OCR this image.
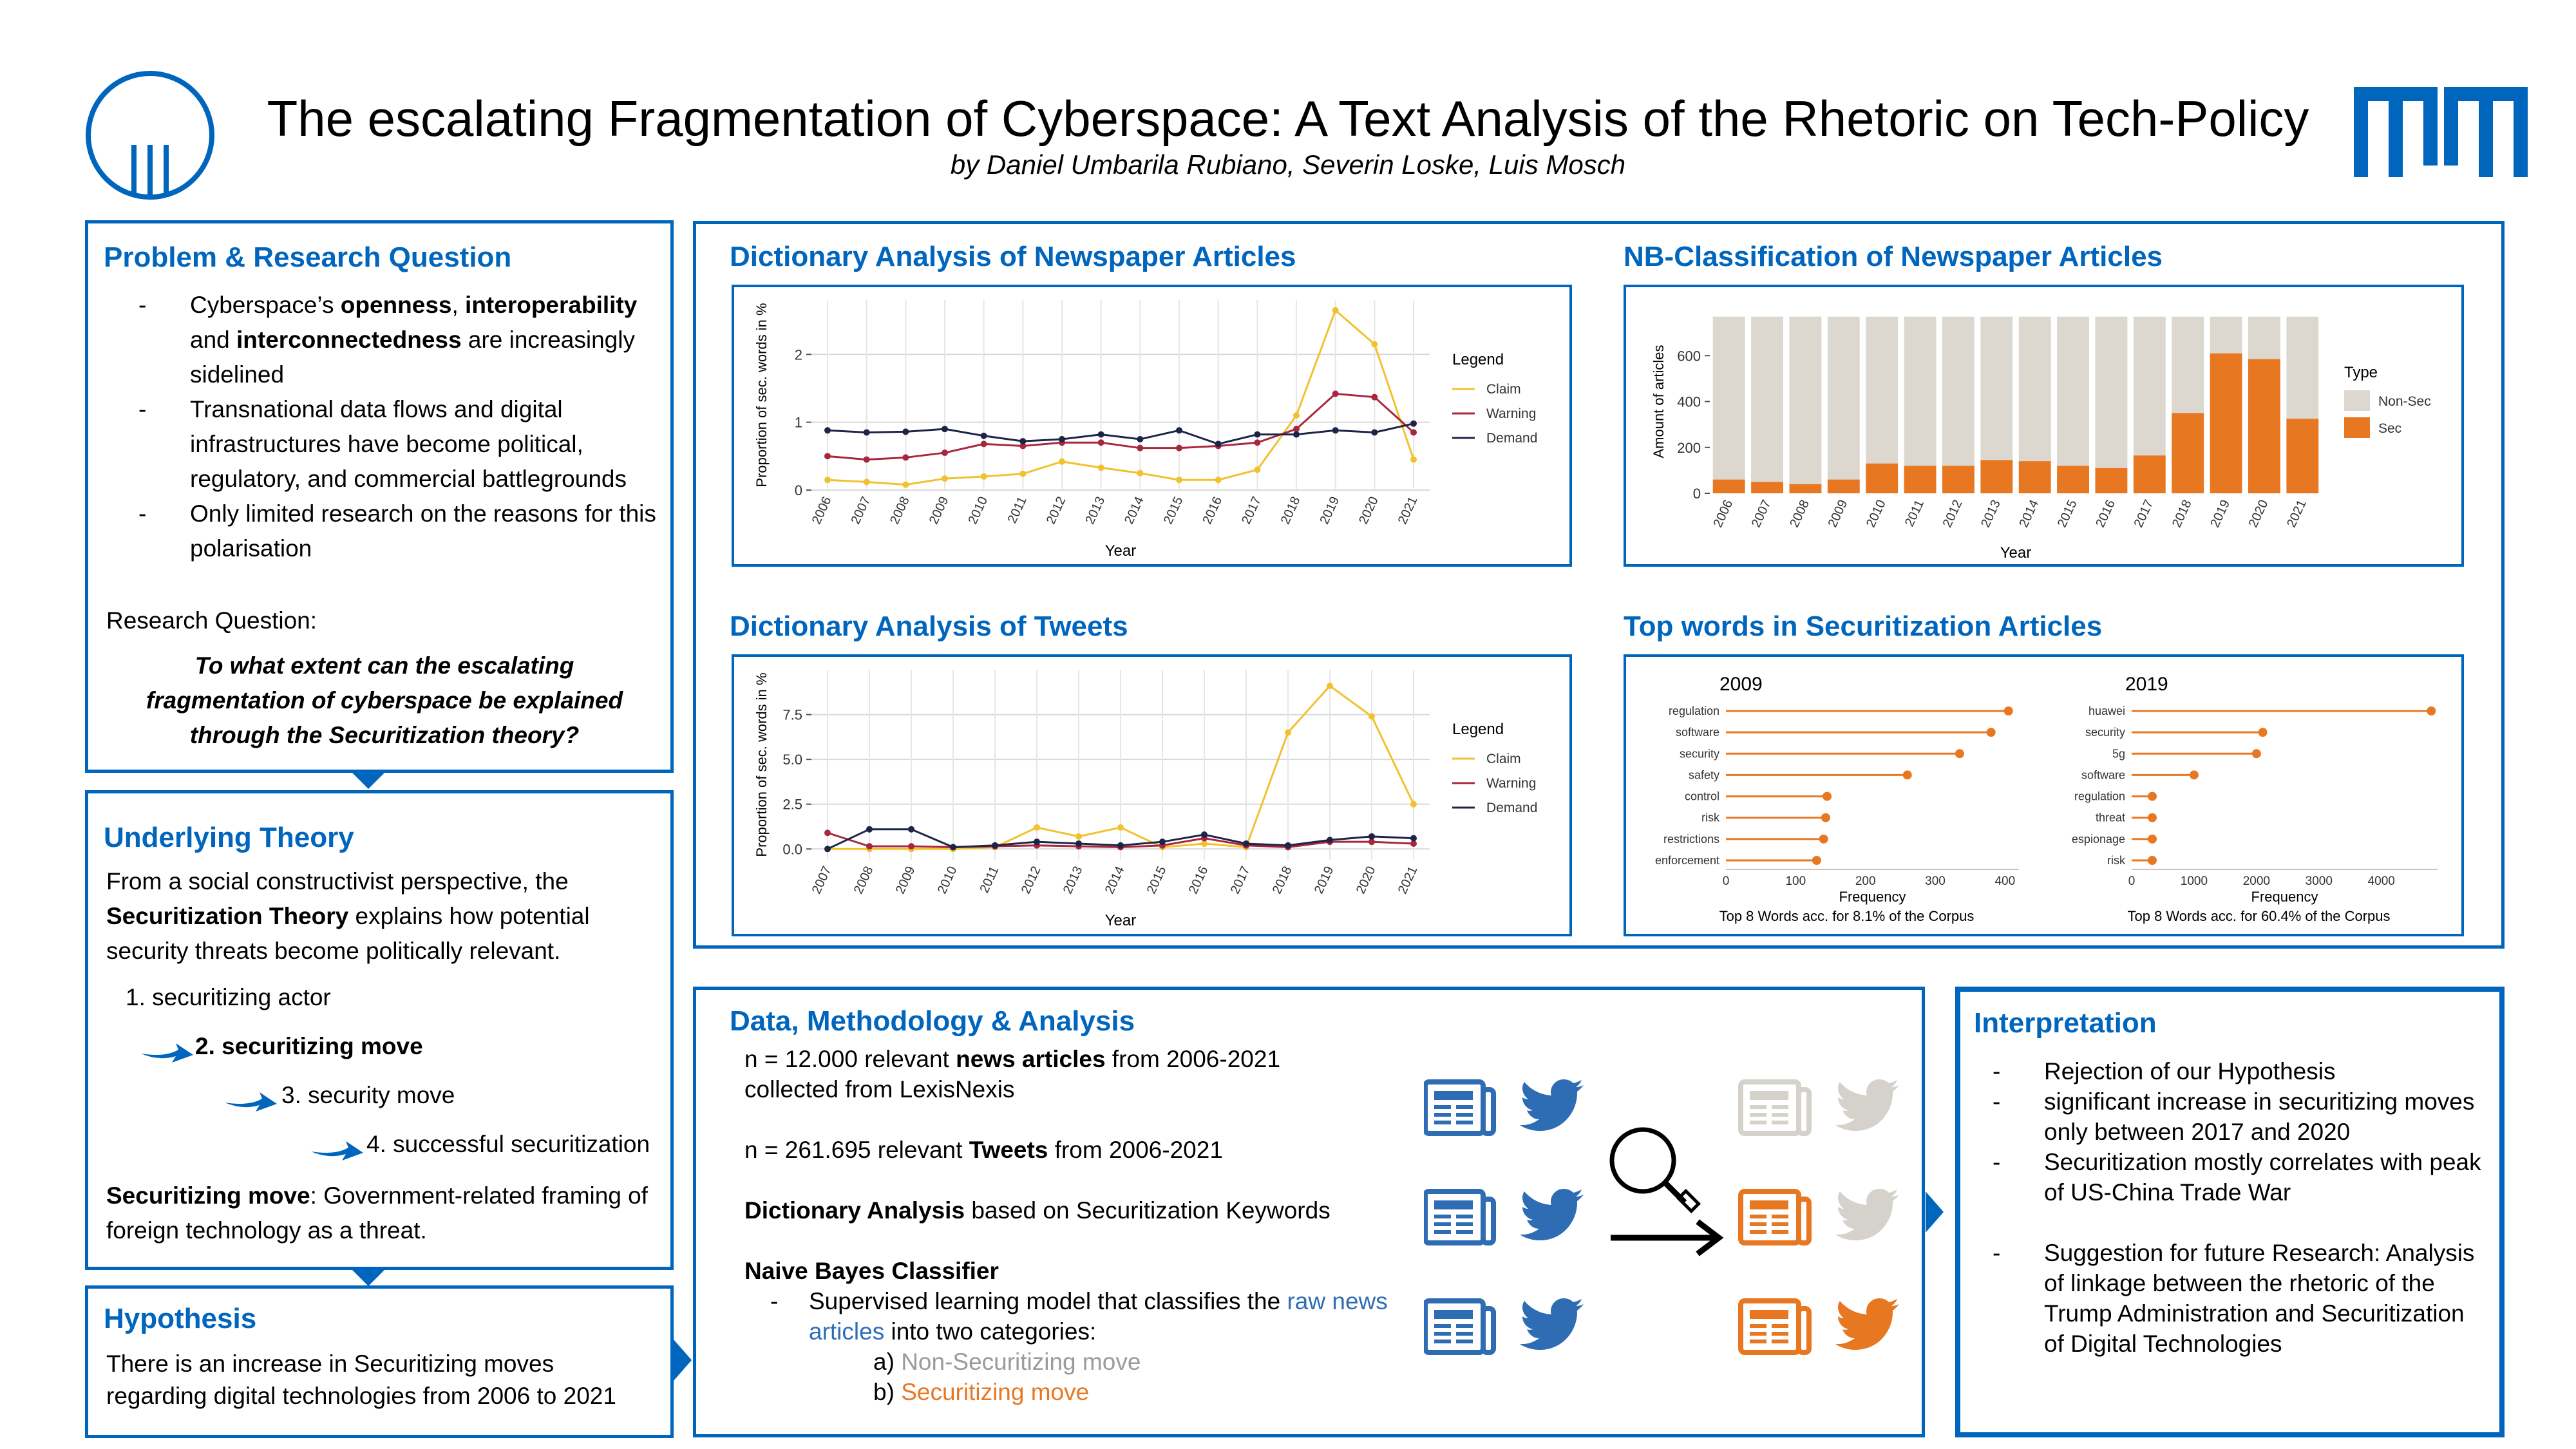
The escalating Fragmentation of Cyberspace: A Text Analysis of the Rhetoric on Tech-Policy
by Daniel Umbarila Rubiano, Severin Loske, Luis Mosch
Problem & Research Question
- Cyberspace’s openness, interoperability and interconnectedness are increasingly sidelined
- Transnational data flows and digital infrastructures have become political, regulatory, and commercial battlegrounds
- Only limited research on the reasons for this polarisation
Research Question:
To what extent can the escalating fragmentation of cyberspace be explained through the Securitization theory?
Underlying Theory
From a social constructivist perspective, the Securitization Theory explains how potential security threats become politically relevant.
1. securitizing actor
2. securitizing move
3. security move
4. successful securitization
Securitizing move: Government-related framing of foreign technology as a threat.
Hypothesis
There is an increase in Securitizing moves regarding digital technologies from 2006 to 2021
Dictionary Analysis of Newspaper Articles	NB-Classification of Newspaper Articles
Dictionary Analysis of Tweets	Top words in Securitization Articles
0
1
2
2006 2007 2008 2009 2010 2011 2012 2013 2014 2015 2016 2017 2018 2019 2020 2021
Year
Proportion of sec. words in %	Legend
Claim
Warning
Demand
0
200
400
600
2006 2007 2008 2009 2010 2011 2012 2013 2014 2015 2016 2017 2018 2019 2020 2021
Year
Amount of articles	Type
Non-Sec
Sec
0.0
2.5
5.0
7.5
2007 2008 2009 2010 2011 2012 2013 2014 2015 2016 2017 2018 2019 2020 2021
Year
Proportion of sec. words in %	Legend
Claim
Warning
Demand
2009
regulation
software
security
safety
control
risk
restrictions
enforcement
0	100	200	300	400
Frequency
Top 8 Words acc. for 8.1% of the Corpus
2019
huawei
security
5g
software
regulation
threat
espionage
risk
0	1000	2000	3000	4000
Frequency
Top 8 Words acc. for 60.4% of the Corpus
Data, Methodology & Analysis
n = 12.000 relevant news articles from 2006-2021
collected from LexisNexis
n = 261.695 relevant Tweets from 2006-2021
Dictionary Analysis based on Securitization Keywords
Naive Bayes Classifier
- Supervised learning model that classifies the raw news articles into two categories:
a) Non-Securitizing move
b) Securitizing move
Interpretation
- Rejection of our Hypothesis
- significant increase in securitizing moves only between 2017 and 2020
- Securitization mostly correlates with peak of US-China Trade War
- Suggestion for future Research: Analysis of linkage between the rhetoric of the Trump Administration and Securitization of Digital Technologies
